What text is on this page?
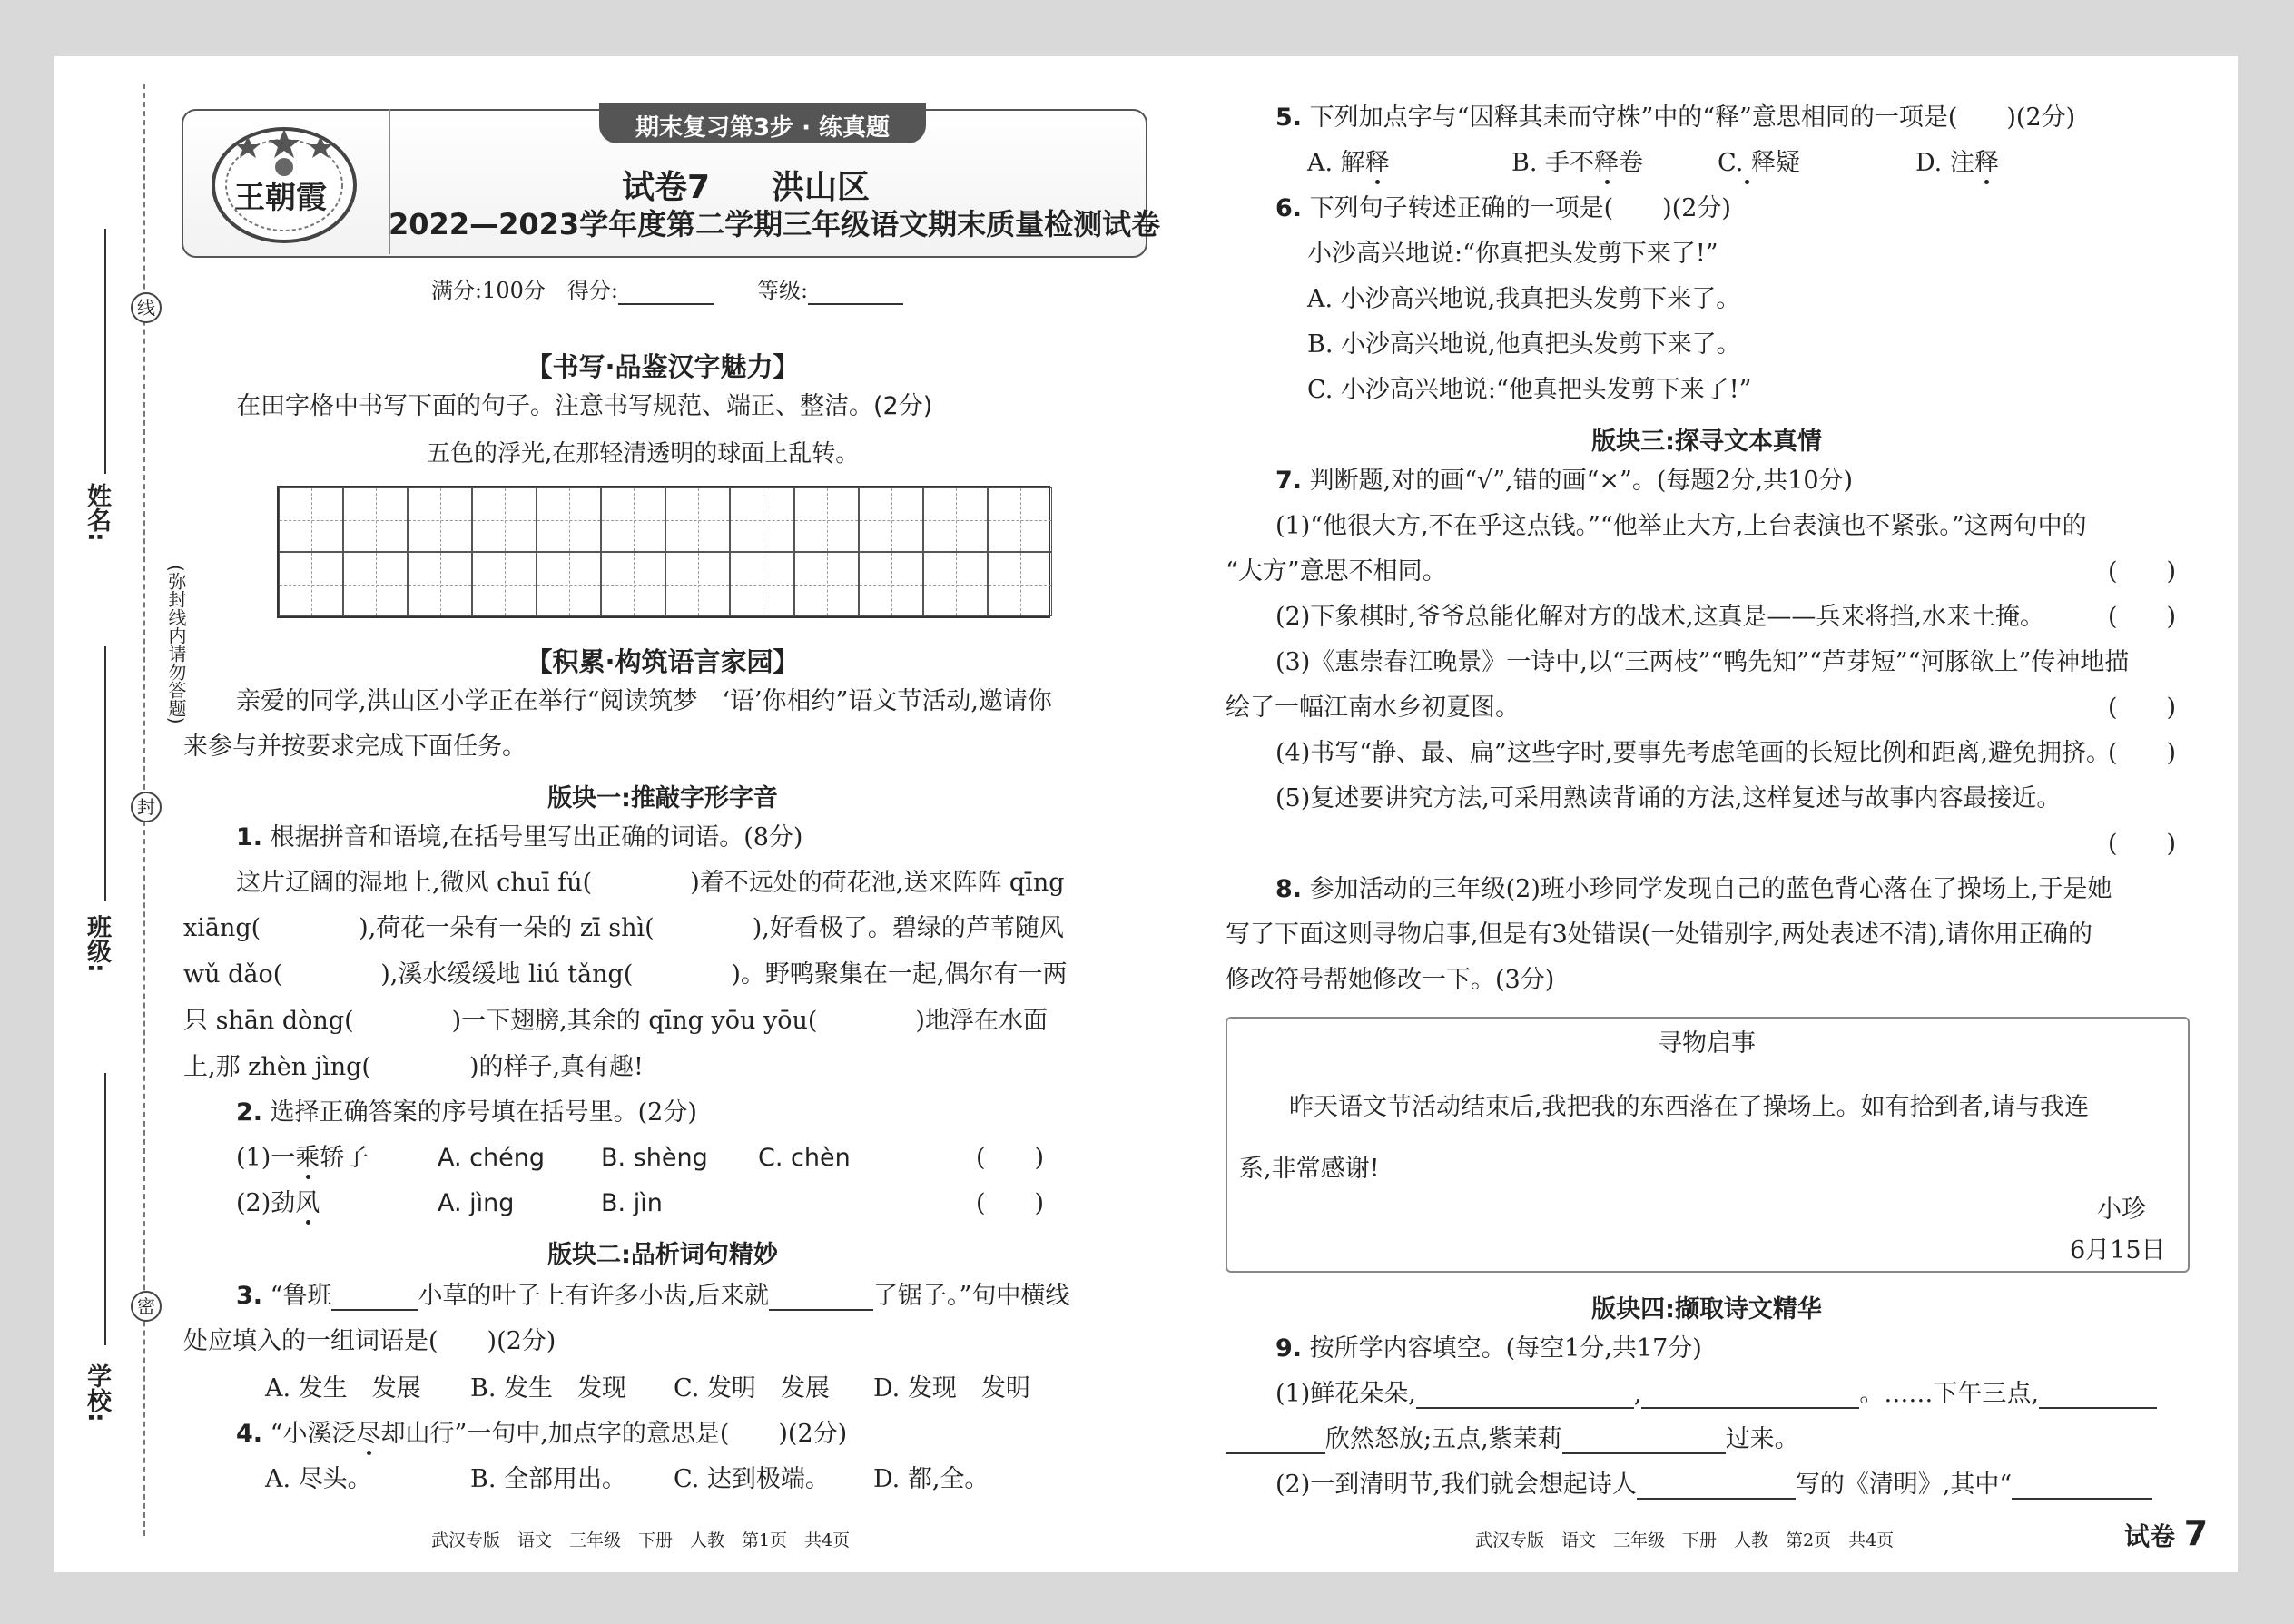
姓名:
班级:
学校:
线
封
密
(弥封线内请勿答题)
王朝霞
期末复习第3步 · 练真题
试卷7 洪山区
2022—2023学年度第二学期三年级语文期末质量检测试卷
满分:100分　得分:　　	等级:
【书写·品鉴汉字魅力】
在田字格中书写下面的句子。注意书写规范、端正、整洁。(2分)
五色的浮光,在那轻清透明的球面上乱转。
【积累·构筑语言家园】
亲爱的同学,洪山区小学正在举行“阅读筑梦　‘语’你相约”语文节活动,邀请你
来参与并按要求完成下面任务。
版块一:推敲字形字音
1. 根据拼音和语境,在括号里写出正确的词语。(8分)
这片辽阔的湿地上,微风 chuī fú(　　　　)着不远处的荷花池,送来阵阵 qīng
xiāng(　　　　),荷花一朵有一朵的 zī shì(　　　　),好看极了。碧绿的芦苇随风
wǔ dǎo(　　　　),溪水缓缓地 liú tǎng(　　　　)。野鸭聚集在一起,偶尔有一两
只 shān dòng(　　　　)一下翅膀,其余的 qīng yōu yōu(　　　　)地浮在水面
上,那 zhèn jìng(　　　　)的样子,真有趣!
2. 选择正确答案的序号填在括号里。(2分)
(1)一乘轿子	A. chéng B. shèng C. chèn	(　　)
(2)劲风	A. jìng	B. jìn	(　　)
版块二:品析词句精妙
3. “鲁班	小草的叶子上有许多小齿,后来就	了锯子。”句中横线
处应填入的一组词语是(　　)(2分)
A. 发生　发展 B. 发生　发现 C. 发明　发展 D. 发现　发明
4. “小溪泛尽却山行”一句中,加点字的意思是(　　)(2分)
A. 尽头。	B. 全部用出。 C. 达到极端。 D. 都,全。
武汉专版　语文　三年级　下册　人教　第1页　共4页
5. 下列加点字与“因释其耒而守株”中的“释”意思相同的一项是(　　)(2分)
A. 解释	B. 手不释卷	C. 释疑	D. 注释
6. 下列句子转述正确的一项是(　　)(2分)
小沙高兴地说:“你真把头发剪下来了!”
A. 小沙高兴地说,我真把头发剪下来了。
B. 小沙高兴地说,他真把头发剪下来了。
C. 小沙高兴地说:“他真把头发剪下来了!”
版块三:探寻文本真情
7. 判断题,对的画“√”,错的画“×”。(每题2分,共10分)
(1)“他很大方,不在乎这点钱。”“他举止大方,上台表演也不紧张。”这两句中的
“大方”意思不相同。	(　　)
(2)下象棋时,爷爷总能化解对方的战术,这真是——兵来将挡,水来土掩。	(　　)
(3)《惠崇春江晚景》一诗中,以“三两枝”“鸭先知”“芦芽短”“河豚欲上”传神地描
绘了一幅江南水乡初夏图。	(　　)
(4)书写“静、最、扁”这些字时,要事先考虑笔画的长短比例和距离,避免拥挤。
(　　)
(5)复述要讲究方法,可采用熟读背诵的方法,这样复述与故事内容最接近。
(　　)
8. 参加活动的三年级(2)班小珍同学发现自己的蓝色背心落在了操场上,于是她
写了下面这则寻物启事,但是有3处错误(一处错别字,两处表述不清),请你用正确的
修改符号帮她修改一下。(3分)
寻物启事
昨天语文节活动结束后,我把我的东西落在了操场上。如有拾到者,请与我连
系,非常感谢!
小珍
6月15日
版块四:撷取诗文精华
9. 按所学内容填空。(每空1分,共17分)
(1)鲜花朵朵,	,	。……下午三点,
欣然怒放;五点,紫茉莉	过来。
(2)一到清明节,我们就会想起诗人	写的《清明》,其中“
武汉专版　语文　三年级　下册　人教　第2页　共4页	试卷 7
